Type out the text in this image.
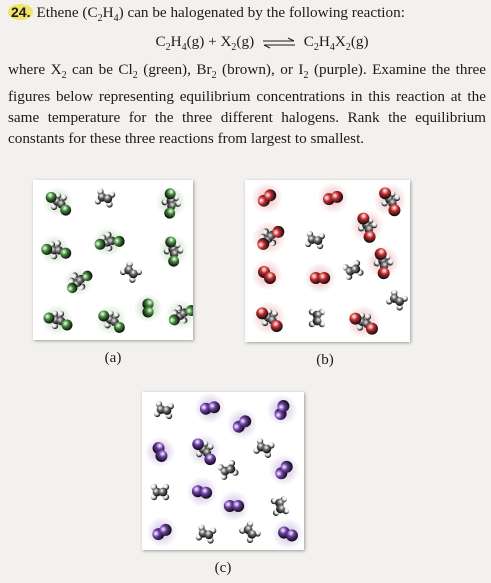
24. Ethene $(C_2H_4)$ can be halogenated by the following reaction:
$C_2H_4(g) + X_2(g)$ ⇌ $C_2H_4X_2(g)$
where $X_2$ can be $Cl_2$ (green), $Br_2$ (brown), or $I_2$ (purple). Examine the three figures below representing equilibrium concentrations in this reaction at the same temperature for the three different halogens. Rank the equilibrium constants for these three reactions from largest to smallest.
(a)	(b)
(c)
